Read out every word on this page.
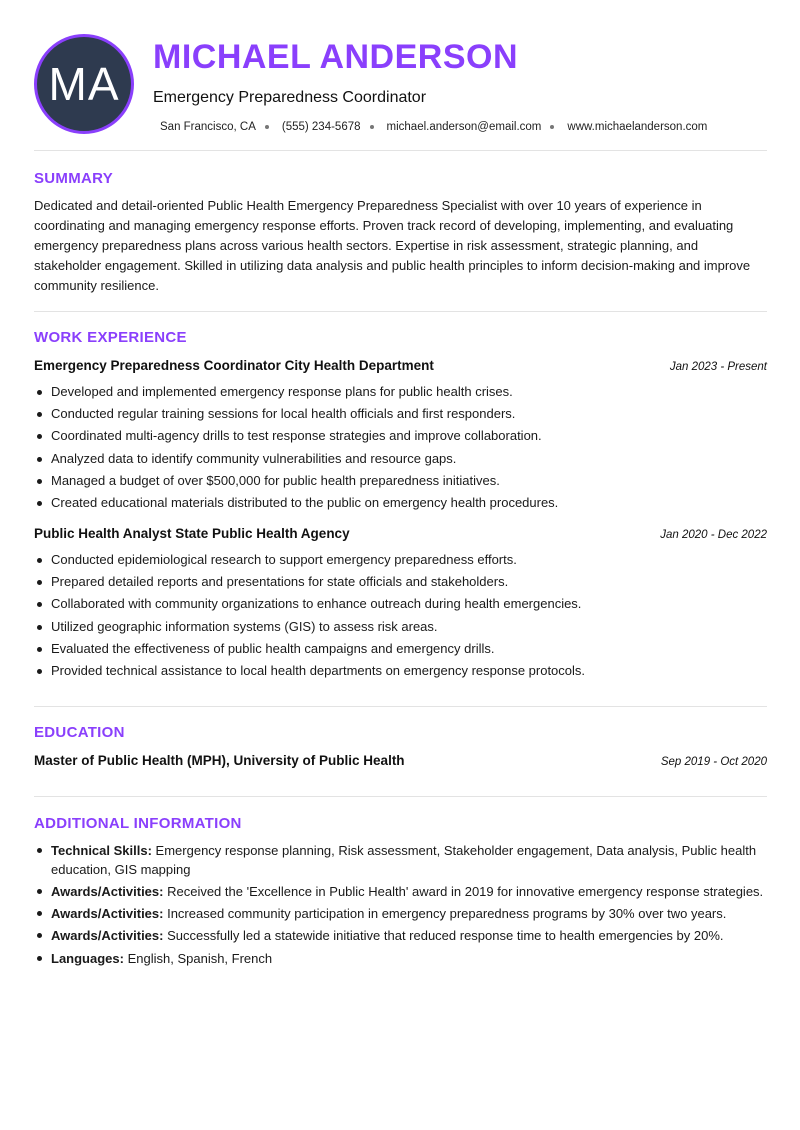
MA
MICHAEL ANDERSON
Emergency Preparedness Coordinator
San Francisco, CA (555) 234-5678 michael.anderson@email.com www.michaelanderson.com
SUMMARY

Dedicated and detail-oriented Public Health Emergency Preparedness Specialist with over 10 years of experience in coordinating and managing emergency response efforts. Proven track record of developing, implementing, and evaluating emergency preparedness plans across various health sectors. Expertise in risk assessment, strategic planning, and stakeholder engagement. Skilled in utilizing data analysis and public health principles to inform decision-making and improve community resilience.

WORK EXPERIENCE
Emergency Preparedness Coordinator City Health Department	Jan 2023 - Present
Developed and implemented emergency response plans for public health crises.
Conducted regular training sessions for local health officials and first responders.
Coordinated multi-agency drills to test response strategies and improve collaboration.
Analyzed data to identify community vulnerabilities and resource gaps.
Managed a budget of over $500,000 for public health preparedness initiatives.
Created educational materials distributed to the public on emergency health procedures.
Public Health Analyst State Public Health Agency	Jan 2020 - Dec 2022
Conducted epidemiological research to support emergency preparedness efforts.
Prepared detailed reports and presentations for state officials and stakeholders.
Collaborated with community organizations to enhance outreach during health emergencies.
Utilized geographic information systems (GIS) to assess risk areas.
Evaluated the effectiveness of public health campaigns and emergency drills.
Provided technical assistance to local health departments on emergency response protocols.
EDUCATION
Master of Public Health (MPH), University of Public Health	Sep 2019 - Oct 2020
ADDITIONAL INFORMATION
Technical Skills: Emergency response planning, Risk assessment, Stakeholder engagement, Data analysis, Public health education, GIS mapping
Awards/Activities: Received the 'Excellence in Public Health' award in 2019 for innovative emergency response strategies.
Awards/Activities: Increased community participation in emergency preparedness programs by 30% over two years.
Awards/Activities: Successfully led a statewide initiative that reduced response time to health emergencies by 20%.
Languages: English, Spanish, French
